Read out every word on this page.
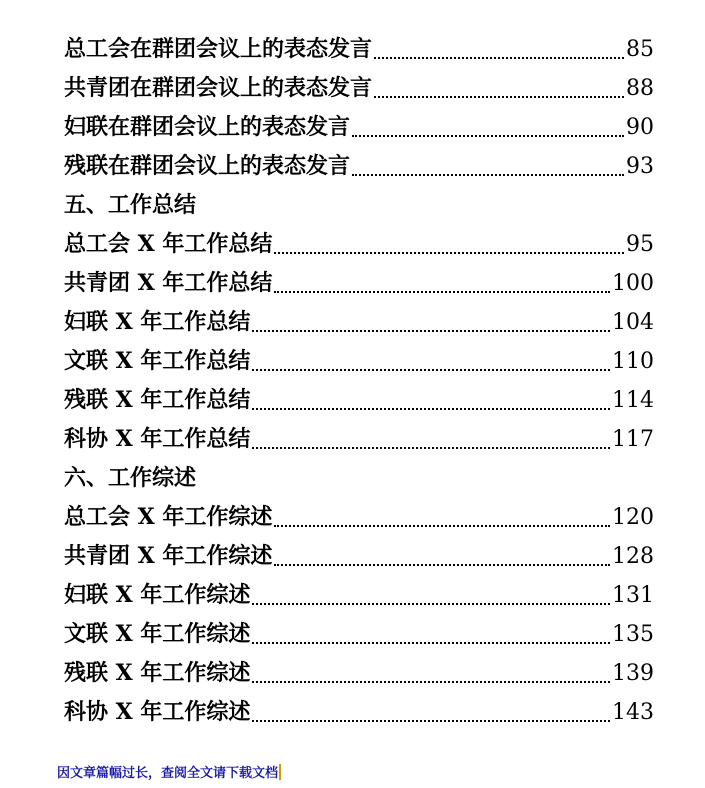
总工会在群团会议上的表态发言	85
共青团在群团会议上的表态发言	88
妇联在群团会议上的表态发言	90
残联在群团会议上的表态发言	93
五、工作总结
总工会 X 年工作总结	95
共青团 X 年工作总结	100
妇联 X 年工作总结	104
文联 X 年工作总结	110
残联 X 年工作总结	114
科协 X 年工作总结	117
六、工作综述
总工会 X 年工作综述	120
共青团 X 年工作综述	128
妇联 X 年工作综述	131
文联 X 年工作综述	135
残联 X 年工作综述	139
科协 X 年工作综述	143
因文章篇幅过长，查阅全文请下载文档
